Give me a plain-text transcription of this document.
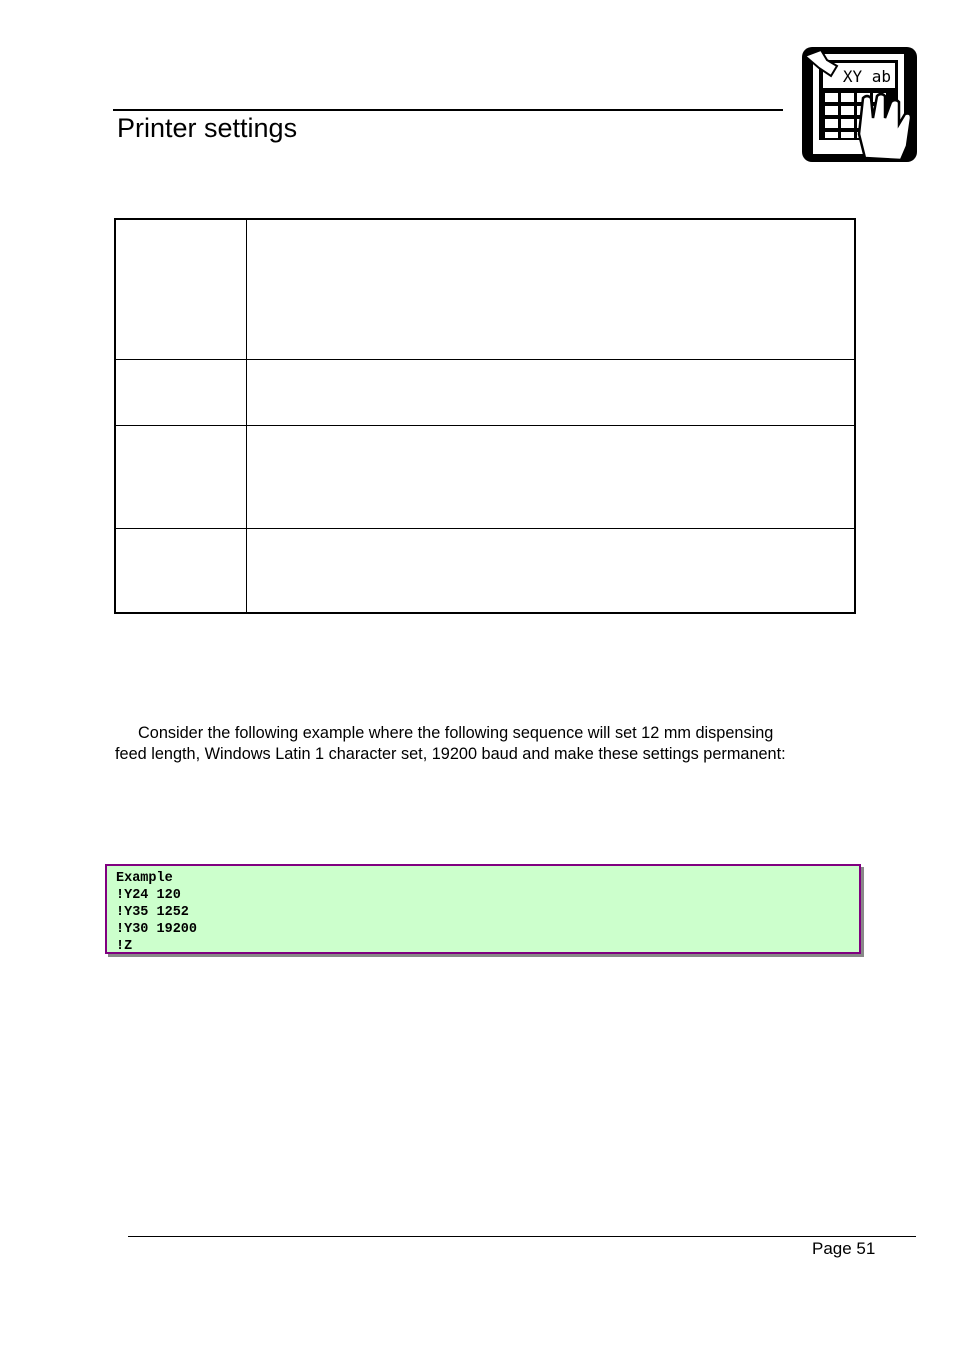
Printer settings
XY ab

Consider the following example where the following sequence will set 12 mm dispensing
feed length, Windows Latin 1 character set, 19200 baud and make these settings permanent:
Example
!Y24 120
!Y35 1252
!Y30 19200
!Z
Page 51
